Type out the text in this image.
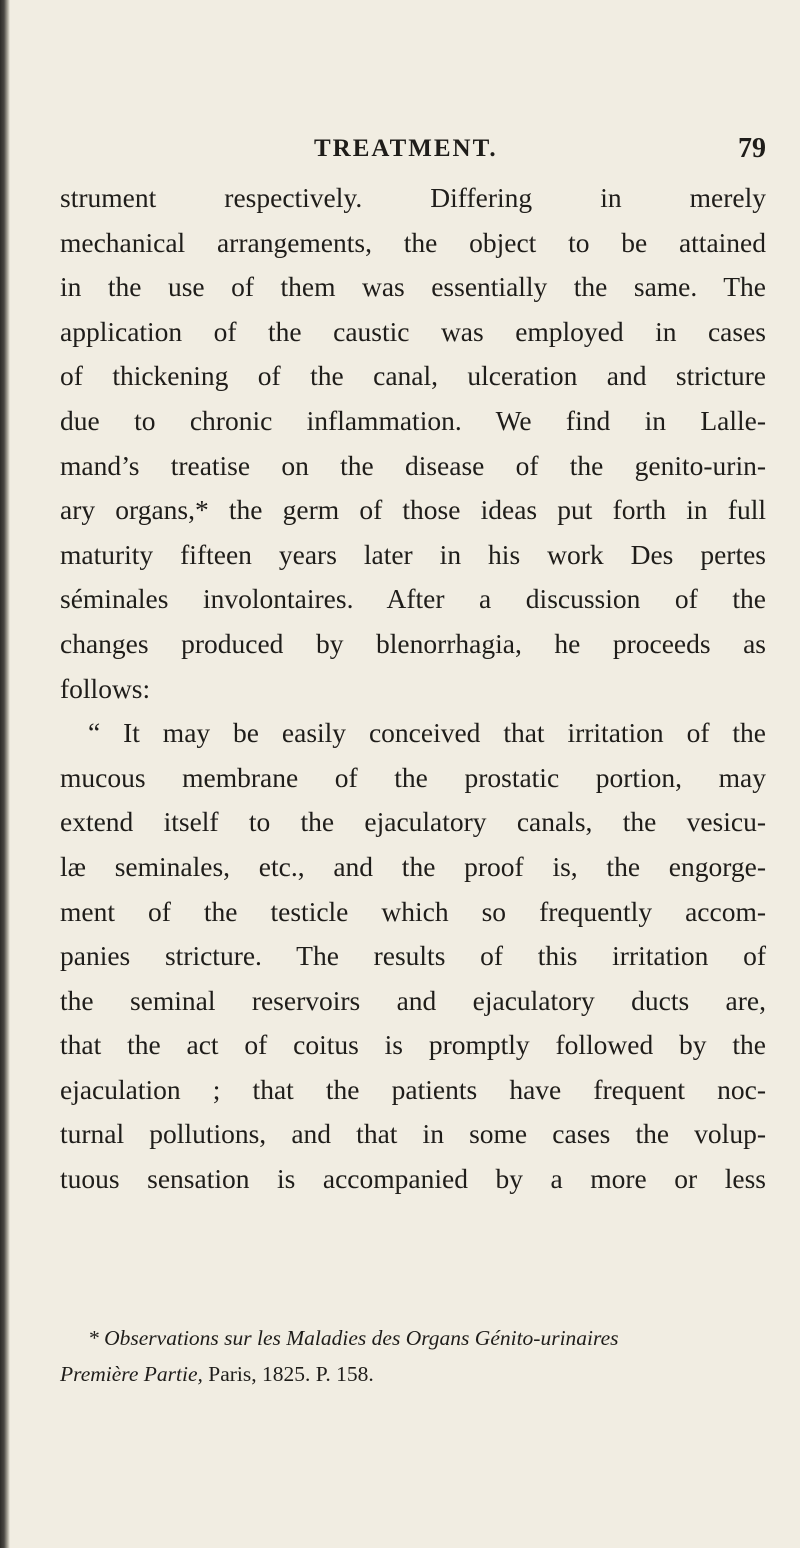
TREATMENT.	79
strument respectively. Differing in merely
mechanical arrangements, the object to be attained
in the use of them was essentially the same. The
application of the caustic was employed in cases
of thickening of the canal, ulceration and stricture
due to chronic inflammation. We find in Lalle-
mand’s treatise on the disease of the genito-urin-
ary organs,* the germ of those ideas put forth in full
maturity fifteen years later in his work Des pertes
séminales involontaires. After a discussion of the
changes produced by blenorrhagia, he proceeds as
follows:
“ It may be easily conceived that irritation of the
mucous membrane of the prostatic portion, may
extend itself to the ejaculatory canals, the vesicu-
læ seminales, etc., and the proof is, the engorge-
ment of the testicle which so frequently accom-
panies stricture. The results of this irritation of
the seminal reservoirs and ejaculatory ducts are,
that the act of coitus is promptly followed by the
ejaculation ; that the patients have frequent noc-
turnal pollutions, and that in some cases the volup-
tuous sensation is accompanied by a more or less
* Observations sur les Maladies des Organs Génito-urinaires
Première Partie, Paris, 1825. P. 158.
